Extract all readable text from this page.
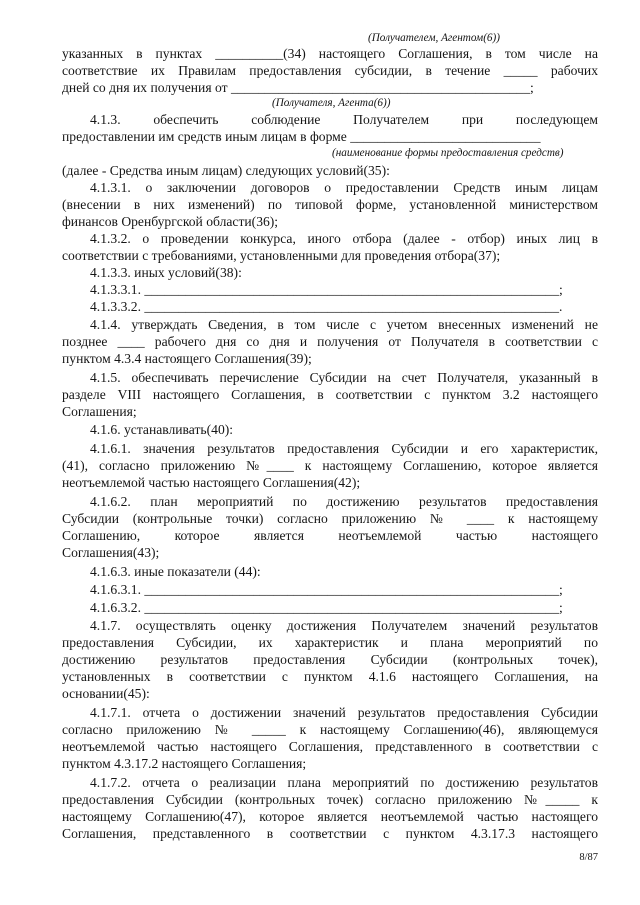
(Получателем, Агентом(6))
указанных в пунктах __________(34) настоящего Соглашения, в том числе на
соответствие их Правилам предоставления субсидии, в течение _____ рабочих
дней со дня их получения от ____________________________________________;
(Получателя, Агента(6))
4.1.3. обеспечить соблюдение Получателем при последующем
предоставлении им средств иным лицам в форме ____________________________
(наименование формы предоставления средств)
(далее - Средства иным лицам) следующих условий(35):
4.1.3.1. о заключении договоров о предоставлении Средств иным лицам
(внесении в них изменений) по типовой форме, установленной министерством
финансов Оренбургской области(36);
4.1.3.2. о проведении конкурса, иного отбора (далее - отбор) иных лиц в
соответствии с требованиями, установленными для проведения отбора(37);
4.1.3.3. иных условий(38):
4.1.3.3.1. _____________________________________________________________;
4.1.3.3.2. _____________________________________________________________.
4.1.4. утверждать Сведения, в том числе с учетом внесенных изменений не
позднее ____ рабочего дня со дня и получения от Получателя в соответствии с
пунктом 4.3.4 настоящего Соглашения(39);
4.1.5. обеспечивать перечисление Субсидии на счет Получателя, указанный в
разделе VIII настоящего Соглашения, в соответствии с пунктом 3.2 настоящего
Соглашения;
4.1.6. устанавливать(40):
4.1.6.1. значения результатов предоставления Субсидии и его характеристик,
(41), согласно приложению №____ к настоящему Соглашению, которое является
неотъемлемой частью настоящего Соглашения(42);
4.1.6.2. план мероприятий по достижению результатов предоставления
Субсидии (контрольные точки) согласно приложению № ____ к настоящему
Соглашению, которое является неотъемлемой частью настоящего
Соглашения(43);
4.1.6.3. иные показатели (44):
4.1.6.3.1. _____________________________________________________________;
4.1.6.3.2. _____________________________________________________________;
4.1.7. осуществлять оценку достижения Получателем значений результатов
предоставления Субсидии, их характеристик и плана мероприятий по
достижению результатов предоставления Субсидии (контрольных точек),
установленных в соответствии с пунктом 4.1.6 настоящего Соглашения, на
основании(45):
4.1.7.1. отчета о достижении значений результатов предоставления Субсидии
согласно приложению № _____ к настоящему Соглашению(46), являющемуся
неотъемлемой частью настоящего Соглашения, представленного в соответствии с
пунктом 4.3.17.2 настоящего Соглашения;
4.1.7.2. отчета о реализации плана мероприятий по достижению результатов
предоставления Субсидии (контрольных точек) согласно приложению №_____ к
настоящему Соглашению(47), которое является неотъемлемой частью настоящего
Соглашения, представленного в соответствии с пунктом 4.3.17.3 настоящего
8/87
